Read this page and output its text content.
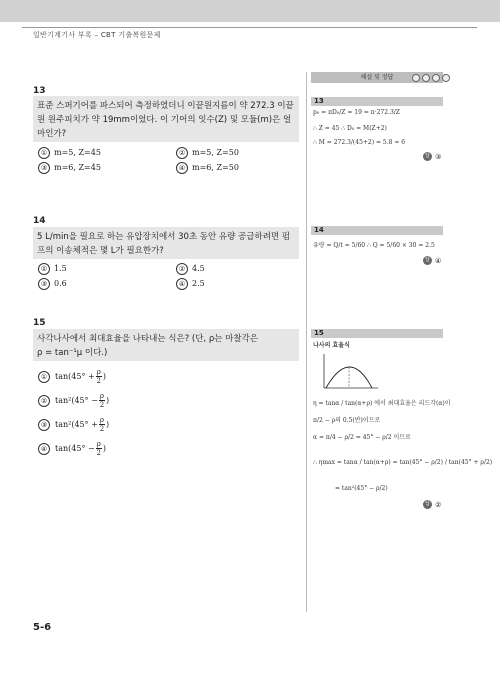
일반기계기사 부록 – CBT 기출복원문제
13
표준 스퍼기어를 파스되어 측정하였더니 이끝원지름이 약 272.3 이끝원 원주피치가 약 19mm이었다. 이 기어의 잇수(Z) 및 모듈(m)은 얼마인가?
① m=5, Z=45	② m=5, Z=50
③ m=6, Z=45	④ m=6, Z=50
14
5 L/min을 필요로 하는 유압장치에서 30초 동안 유량 공급하려면 펌프의 이송체적은 몇 L가 필요한가?
① 1.5	② 4.5
③ 0.6	④ 2.5
15
사각나사에서 최대효율을 나타내는 식은? (단, ρ는 마찰각은
ρ = tan⁻¹μ 이다.)
① $\tan(45^\circ + \frac{\rho}{2}$ )
② $\tan^2(45^\circ - \frac{\rho}{2}$ )
③ $\tan^2(45^\circ + \frac{\rho}{2}$ )
④ $\tan(45^\circ - \frac{\rho}{2}$ )
해설 및 정답
13
p₀ = πD₀/Z = 19 = π·272.3/Z
∴ Z = 45 ∴ D₀ = M(Z+2)
∴ M = 272.3/(45+2) = 5.8 ≈ 6
답 ③
14
유량 = Q/t = 5/60 ∴ Q = 5/60 × 30 = 2.5
답 ④
15
나사의 효율식
η = tanα / tan(α+ρ) 에서 최대효율은 리드각(α)이
π/2 − ρ의 0.5(반)이므로
α = π/4 − ρ/2 = 45° − ρ/2 이므로
∴ ηmax = tanα / tan(α+ρ) = tan(45° − ρ/2) / tan(45° + ρ/2)
= tan²(45° − ρ/2)
답 ②
5-6
